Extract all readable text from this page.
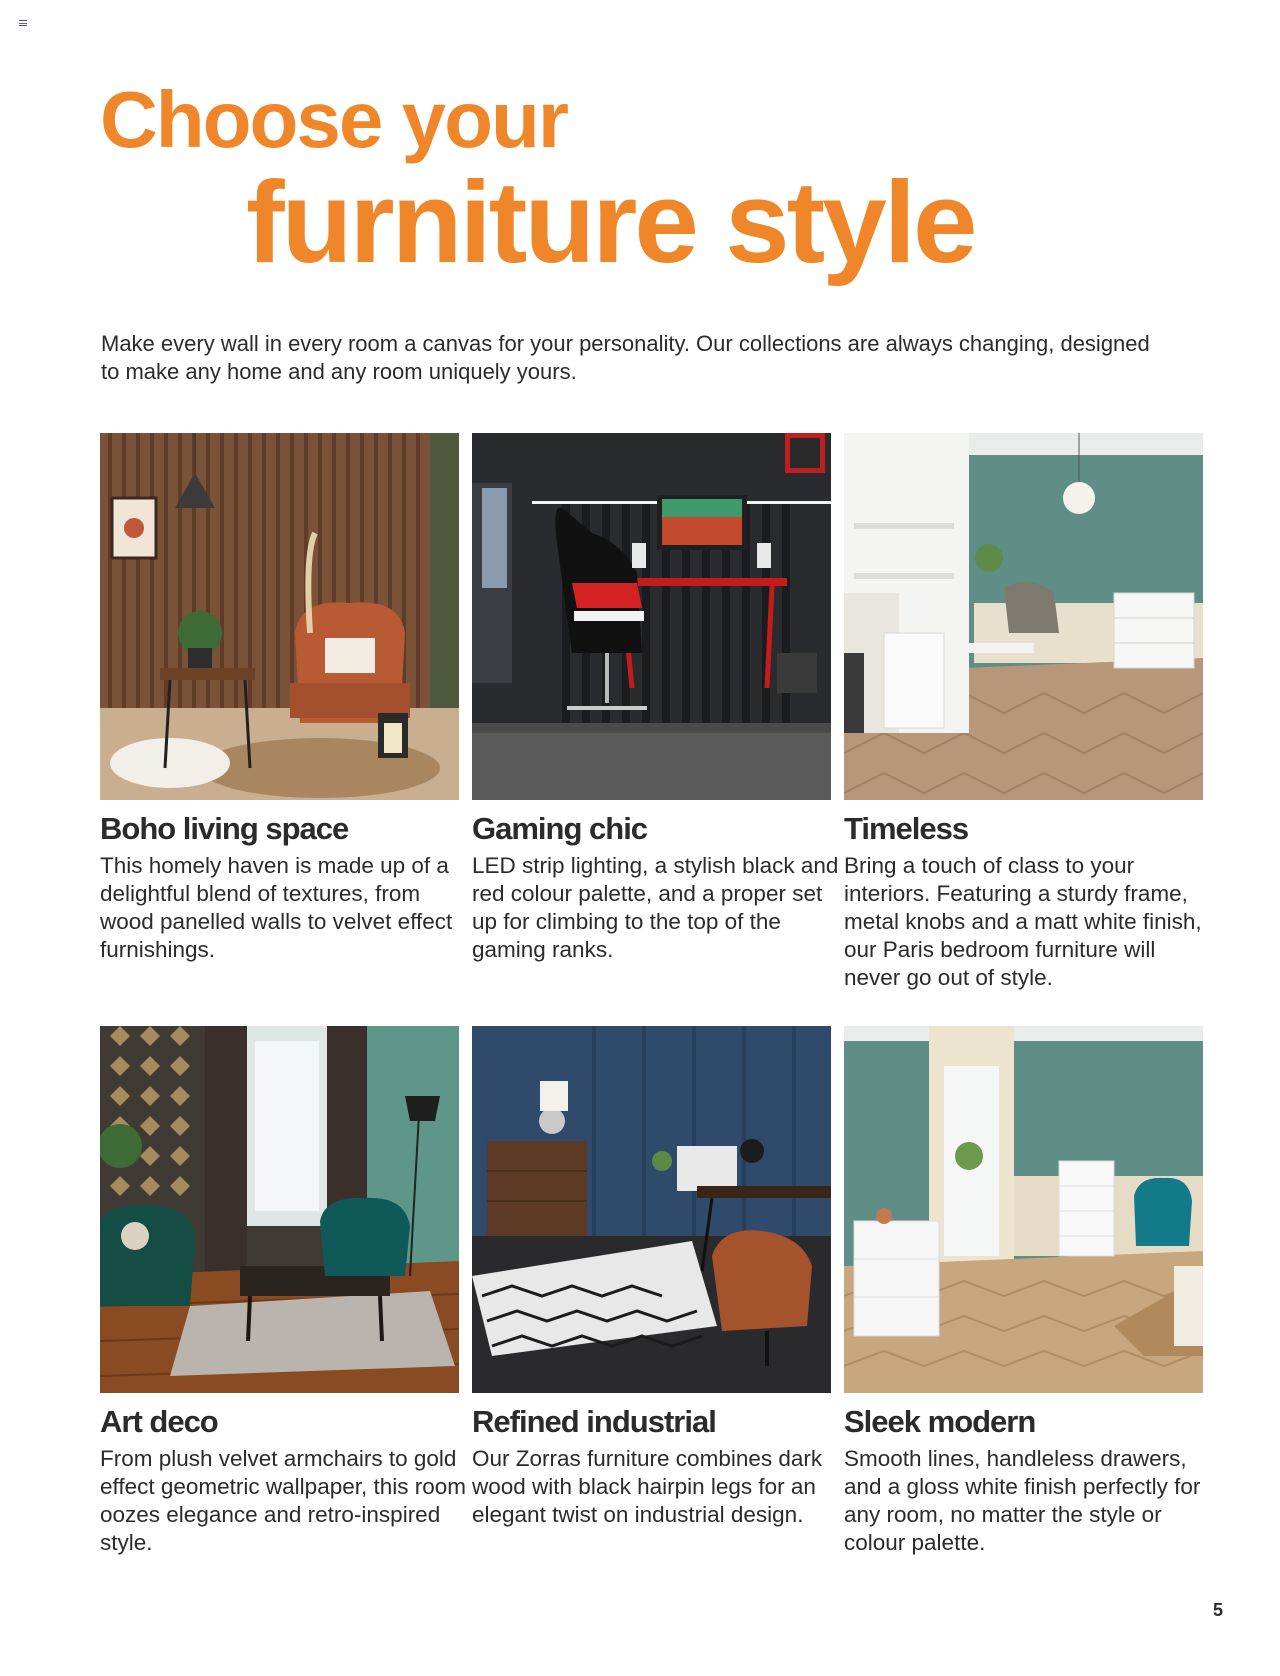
Choose your
furniture style

Make every wall in every room a canvas for your personality. Our collections are always changing, designed to make any home and any room uniquely yours.

Boho living space

This homely haven is made up of a delightful blend of textures, from wood panelled walls to velvet effect furnishings.

Gaming chic

LED strip lighting, a stylish black and red colour palette, and a proper set up for climbing to the top of the gaming ranks.

Timeless

Bring a touch of class to your interiors. Featuring a sturdy frame, metal knobs and a matt white finish, our Paris bedroom furniture will never go out of style.

Art deco

From plush velvet armchairs to gold effect geometric wallpaper, this room oozes elegance and retro-inspired style.

Refined industrial

Our Zorras furniture combines dark wood with black hairpin legs for an elegant twist on industrial design.

Sleek modern

Smooth lines, handleless drawers, and a gloss white finish perfectly for any room, no matter the style or colour palette.

5
